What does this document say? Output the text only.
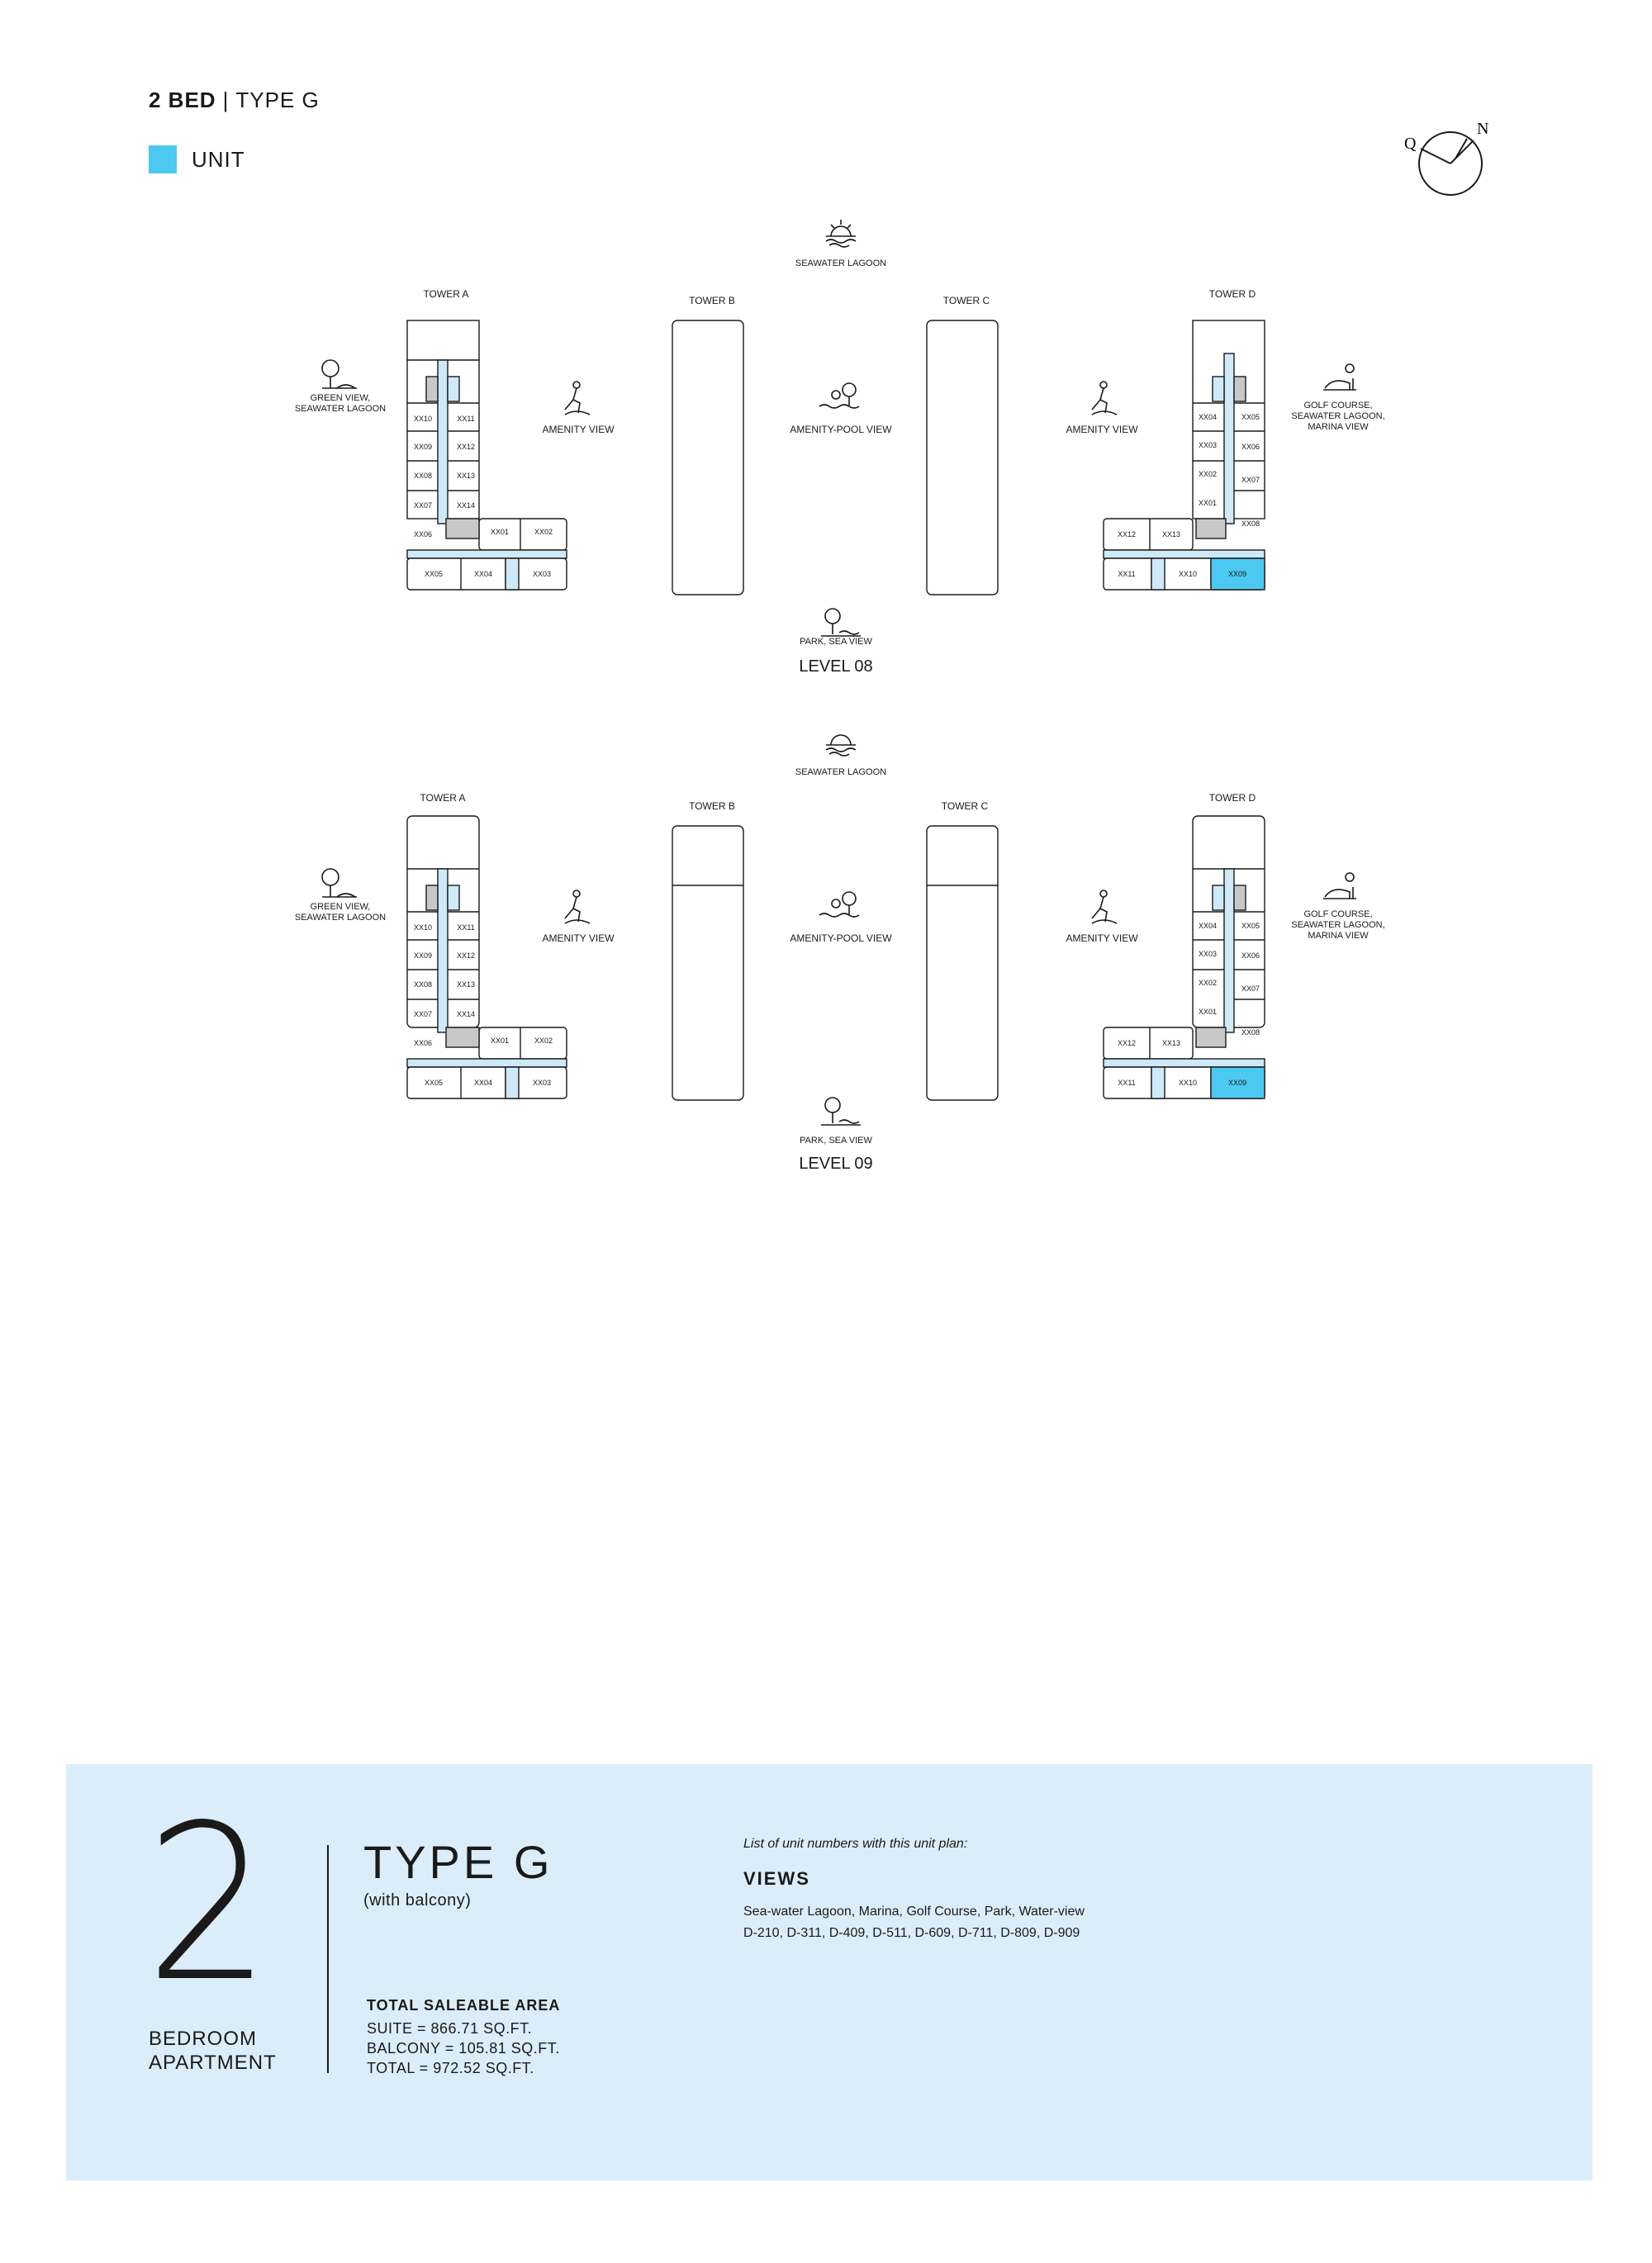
2 BED | TYPE G
UNIT
Q
N
SEAWATER LAGOON
TOWER A
TOWER B	TOWER C
TOWER D
GREEN VIEW,
SEAWATER LAGOON
AMENITY VIEW	AMENITY-POOL VIEW	AMENITY VIEW
GOLF COURSE,
SEAWATER LAGOON,
MARINA VIEW
XX10
XX09
XX08
XX07
XX06
XX11
XX12
XX13
XX14
XX01	XX02
XX05	XX04	XX03
XX04
XX03
XX02
XX01
XX05
XX06
XX07
XX08
XX12	XX13
XX11	XX10	XX09
PARK, SEA VIEW
LEVEL 08
SEAWATER LAGOON
TOWER A
TOWER B	TOWER C
TOWER D
GREEN VIEW,
SEAWATER LAGOON
AMENITY VIEW	AMENITY-POOL VIEW	AMENITY VIEW
GOLF COURSE,
SEAWATER LAGOON,
MARINA VIEW
XX10
XX09
XX08
XX07
XX06
XX11
XX12
XX13
XX14
XX01	XX02
XX05	XX04	XX03
XX04
XX03
XX02
XX01
XX05
XX06
XX07
XX08
XX12	XX13
XX11	XX10	XX09
PARK, SEA VIEW
LEVEL 09
2
BEDROOM
APARTMENT
TYPE G
(with balcony)
TOTAL SALEABLE AREA
SUITE = 866.71 SQ.FT.
BALCONY = 105.81 SQ.FT.
TOTAL = 972.52 SQ.FT.
List of unit numbers with this unit plan:
VIEWS
Sea-water Lagoon, Marina, Golf Course, Park, Water-view
D-210, D-311, D-409, D-511, D-609, D-711, D-809, D-909
